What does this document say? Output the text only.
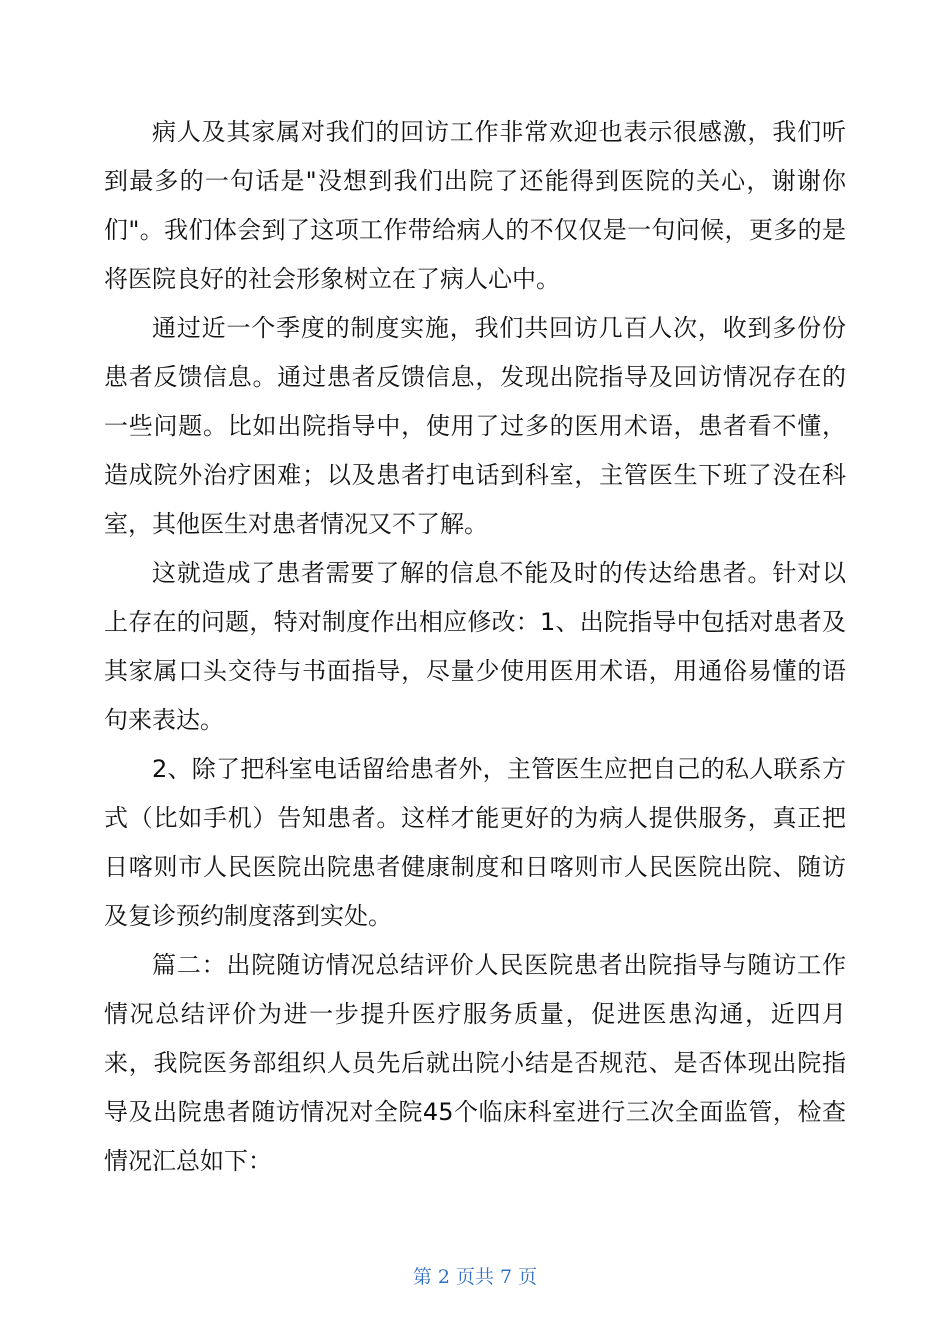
病人及其家属对我们的回访工作非常欢迎也表示很感激，我们听到最多的一句话是"没想到我们出院了还能得到医院的关心，谢谢你们"。我们体会到了这项工作带给病人的不仅仅是一句问候，更多的是将医院良好的社会形象树立在了病人心中。

通过近一个季度的制度实施，我们共回访几百人次，收到多份份患者反馈信息。通过患者反馈信息，发现出院指导及回访情况存在的一些问题。比如出院指导中，使用了过多的医用术语，患者看不懂，造成院外治疗困难；以及患者打电话到科室，主管医生下班了没在科室，其他医生对患者情况又不了解。

这就造成了患者需要了解的信息不能及时的传达给患者。针对以上存在的问题，特对制度作出相应修改：1、出院指导中包括对患者及其家属口头交待与书面指导，尽量少使用医用术语，用通俗易懂的语句来表达。

2、除了把科室电话留给患者外，主管医生应把自己的私人联系方式（比如手机）告知患者。这样才能更好的为病人提供服务，真正把日喀则市人民医院出院患者健康制度和日喀则市人民医院出院、随访及复诊预约制度落到实处。

篇二：出院随访情况总结评价人民医院患者出院指导与随访工作情况总结评价为进一步提升医疗服务质量，促进医患沟通，近四月来，我院医务部组织人员先后就出院小结是否规范、是否体现出院指导及出院患者随访情况对全院45个临床科室进行三次全面监管，检查情况汇总如下：

第 2 页共 7 页
